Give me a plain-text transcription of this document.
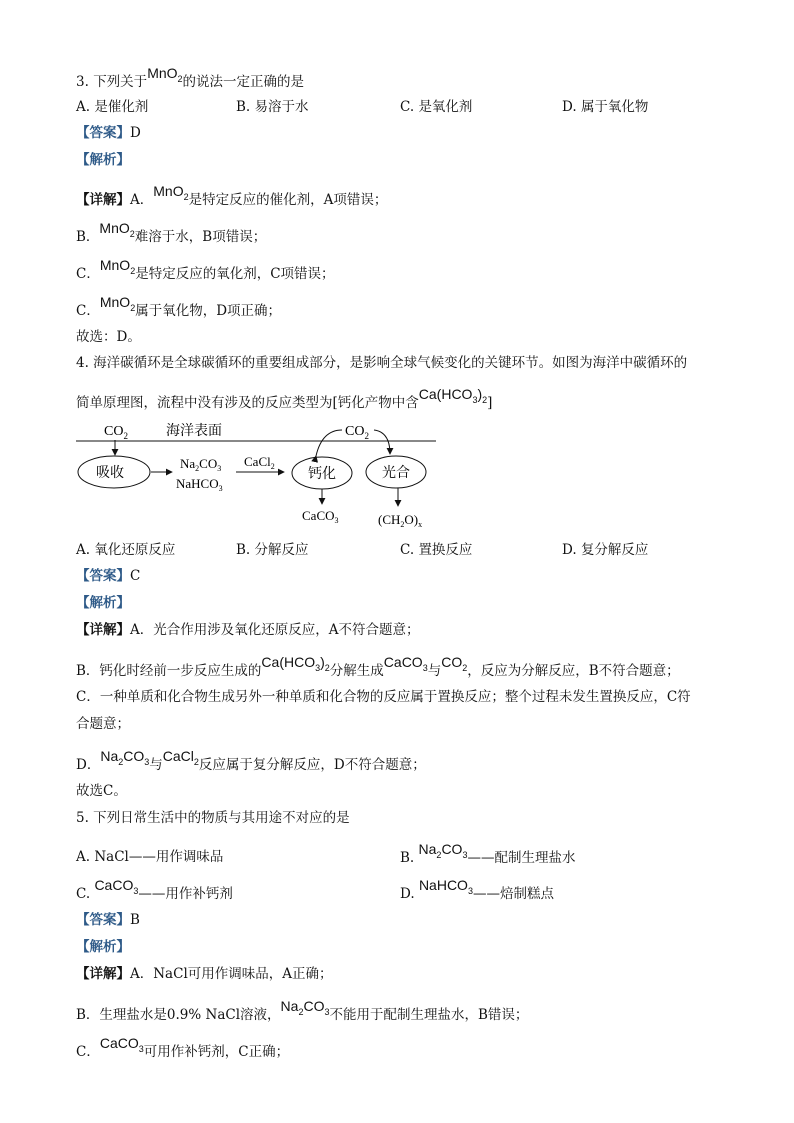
3. 下列关于MnO$_2$的说法一定正确的是
A. 是催化剂	B. 易溶于水	C. 是氧化剂	D. 属于氧化物
【答案】D
【解析】
【详解】A．MnO$_2$是特定反应的催化剂，A项错误；
B．MnO$_2$难溶于水，B项错误；
C．MnO$_2$是特定反应的氧化剂，C项错误；
C．MnO$_2$属于氧化物，D项正确；
故选：D。
4. 海洋碳循环是全球碳循环的重要组成部分，是影响全球气候变化的关键环节。如图为海洋中碳循环的
简单原理图，流程中没有涉及的反应类型为[钙化产物中含$Ca(HCO_3)_2$]
$CO_2$	海洋表面
吸收
$Na_2CO_3$
NaHCO$_3$
CaCl$_2$
钙化
$CO_2$
光合
CaCO$_3$	$(CH_2O)_x$
A. 氧化还原反应	B. 分解反应	C. 置换反应	D. 复分解反应
【答案】C
【解析】
【详解】A．光合作用涉及氧化还原反应，A不符合题意；
B．钙化时经前一步反应生成的$Ca(HCO_3)_2$分解生成CaCO$_3$与$CO_2$，反应为分解反应，B不符合题意；
C．一种单质和化合物生成另外一种单质和化合物的反应属于置换反应；整个过程未发生置换反应，C符
合题意；
D．$Na_2CO_3$与CaCl$_2$反应属于复分解反应，D不符合题意；
故选C。
5. 下列日常生活中的物质与其用途不对应的是
A. NaCl——用作调味品	B. $Na_2CO_3——$配制生理盐水
C. CaCO$_3$——用作补钙剂	D. NaHCO$_3$——焙制糕点
【答案】B
【解析】
【详解】A．NaCl可用作调味品，A正确；
B．生理盐水是0.9% NaCl溶液，$Na_2CO_3$不能用于配制生理盐水，B错误；
C．CaCO$_3$可用作补钙剂，C正确；
